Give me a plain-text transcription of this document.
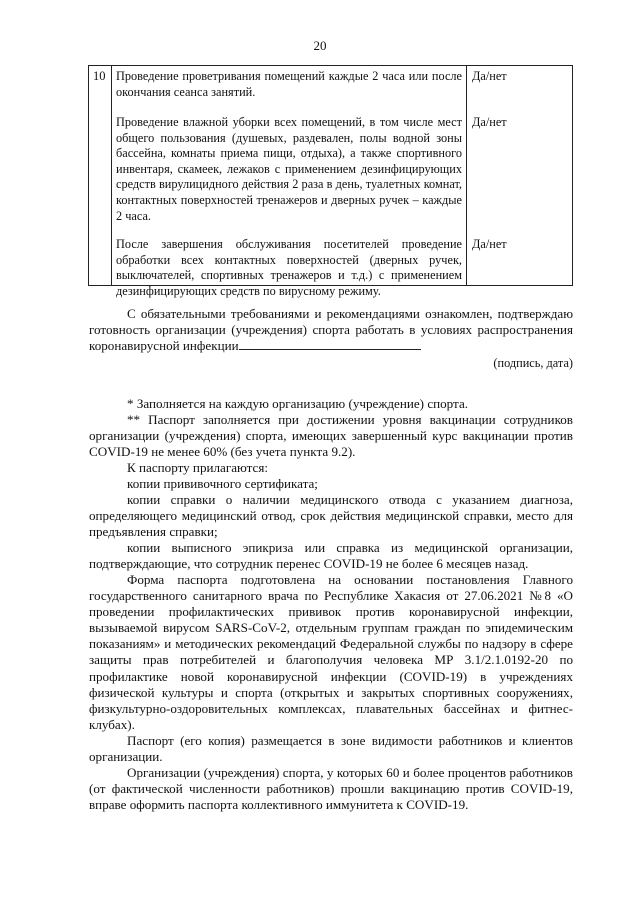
20
10 Проведение проветривания помещений каждые 2 часа или после окончания сеанса занятий.
Да/нет
Проведение влажной уборки всех помещений, в том числе мест общего пользования (душевых, раздевален, полы водной зоны бассейна, комнаты приема пищи, отдыха), а также спортивного инвентаря, скамеек, лежаков с применением дезинфицирующих средств вирулицидного действия 2 раза в день, туалетных комнат, контактных поверхностей тренажеров и дверных ручек – каждые 2 часа.
Да/нет
После завершения обслуживания посетителей проведение обработки всех контактных поверхностей (дверных ручек, выключателей, спортивных тренажеров и т.д.) с применением дезинфицирующих средств по вирусному режиму.
Да/нет

С обязательными требованиями и рекомендациями ознакомлен, подтверждаю готовность организации (учреждения) спорта работать в условиях распространения коронавирусной инфекции

(подпись, дата)

* Заполняется на каждую организацию (учреждение) спорта.

** Паспорт заполняется при достижении уровня вакцинации сотрудников организации (учреждения) спорта, имеющих завершенный курс вакцинации против COVID-19 не менее 60% (без учета пункта 9.2).

К паспорту прилагаются:

копии прививочного сертификата;

копии справки о наличии медицинского отвода с указанием диагноза, определяющего медицинский отвод, срок действия медицинской справки, место для предъявления справки;

копии выписного эпикриза или справка из медицинской организации, подтверждающие, что сотрудник перенес COVID-19 не более 6 месяцев назад.

Форма паспорта подготовлена на основании постановления Главного государственного санитарного врача по Республике Хакасия от 27.06.2021 №8 «О проведении профилактических прививок против коронавирусной инфекции, вызываемой вирусом SARS-CoV-2, отдельным группам граждан по эпидемическим показаниям» и методических рекомендаций Федеральной службы по надзору в сфере защиты прав потребителей и благополучия человека МР 3.1/2.1.0192-20 по профилактике новой коронавирусной инфекции (COVID-19) в учреждениях физической культуры и спорта (открытых и закрытых спортивных сооружениях, физкультурно-оздоровительных комплексах, плавательных бассейнах и фитнес-клубах).

Паспорт (его копия) размещается в зоне видимости работников и клиентов организации.

Организации (учреждения) спорта, у которых 60 и более процентов работников (от фактической численности работников) прошли вакцинацию против COVID-19, вправе оформить паспорта коллективного иммунитета к COVID-19.
